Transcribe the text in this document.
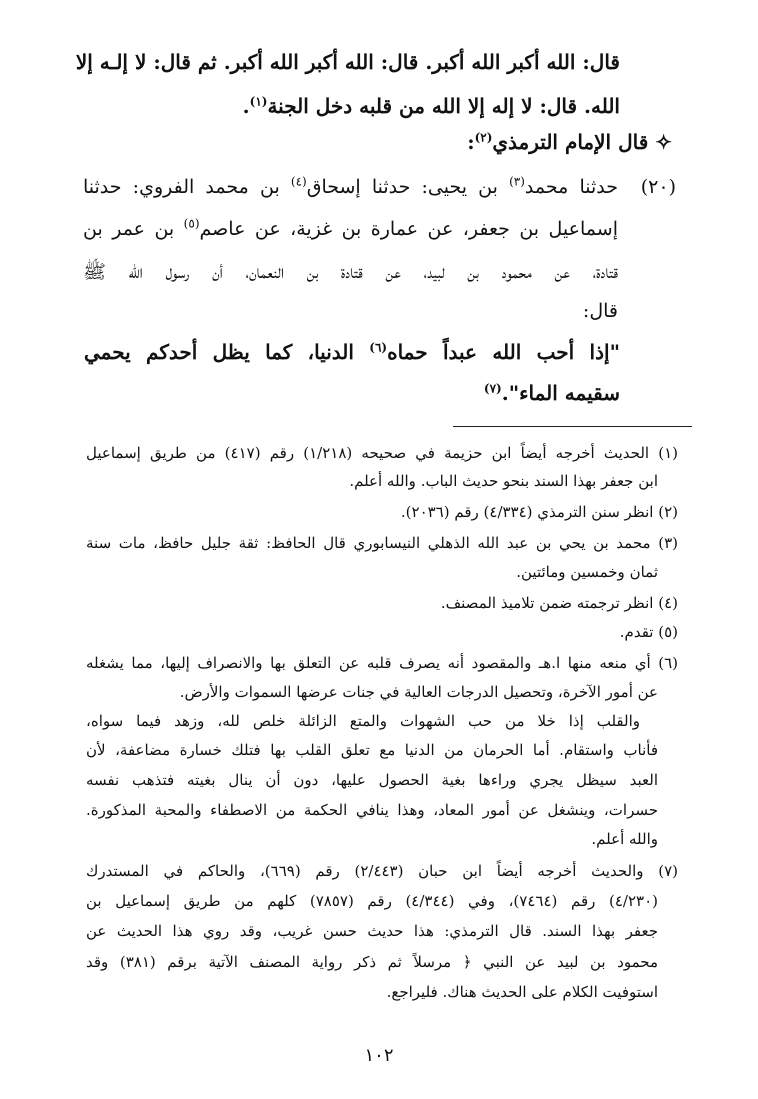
قال: الله أكبر الله أكبر. قال: الله أكبر الله أكبر. ثم قال: لا إلـه إلا
الله. قال: لا إله إلا الله من قلبه دخل الجنة$^{(١)}$.
✧ قال الإمام الترمذي$^{(٢)}$:
(٢٠)
حدثنا محمد$^{(٣)}$ بن يحيى: حدثنا إسحاق$^{(٤)}$ بن محمد الفروي: حدثنا
إسماعيل بن جعفر، عن عمارة بن غزية، عن عاصم$^{(٥)}$ بن عمر بن
قتادة، عن محمود بن لبيد، عن قتادة بن النعمان، أن رسول الله ﷺ
قال:
"إذا أحب الله عبداً حماه$^{(٦)}$ الدنيا، كما يظل أحدكم يحمي
سقيمه الماء".$^{(٧)}$
(١) الحديث أخرجه أيضاً ابن حزيمة في صحيحه (١/٢١٨) رقم (٤١٧) من طريق إسماعيل
ابن جعفر بهذا السند بنحو حديث الباب. والله أعلم.
(٢) انظر سنن الترمذي (٤/٣٣٤) رقم (٢٠٣٦).
(٣) محمد بن يحي بن عبد الله الذهلي النيسابوري قال الحافظ: ثقة جليل حافظ، مات سنة
ثمان وخمسين ومائتين.
(٤) انظر ترجمته ضمن تلاميذ المصنف.
(٥) تقدم.
(٦) أي منعه منها ا.هـ والمقصود أنه يصرف قلبه عن التعلق بها والانصراف إليها، مما يشغله
عن أمور الآخرة، وتحصيل الدرجات العالية في جنات عرضها السموات والأرض.
والقلب إذا خلا من حب الشهوات والمتع الزائلة خلص لله، وزهد فيما سواه،
فأناب واستقام. أما الحرمان من الدنيا مع تعلق القلب بها فتلك خسارة مضاعفة، لأن
العبد سيظل يجري وراءها بغية الحصول عليها، دون أن ينال بغيته فتذهب نفسه
حسرات، وينشغل عن أمور المعاد، وهذا ينافي الحكمة من الاصطفاء والمحبة المذكورة.
والله أعلم.
(٧) والحديث أخرجه أيضاً ابن حبان (٢/٤٤٣) رقم (٦٦٩)، والحاكم في المستدرك
(٤/٢٣٠) رقم (٧٤٦٤)، وفي (٤/٣٤٤) رقم (٧٨٥٧) كلهم من طريق إسماعيل بن
جعفر بهذا السند. قال الترمذي: هذا حديث حسن غريب، وقد روي هذا الحديث عن
محمود بن لبيد عن النبي ﴿ مرسلاً ثم ذكر رواية المصنف الآتية برقم (٣٨١) وقد
استوفيت الكلام على الحديث هناك. فليراجع.
١٠٢
